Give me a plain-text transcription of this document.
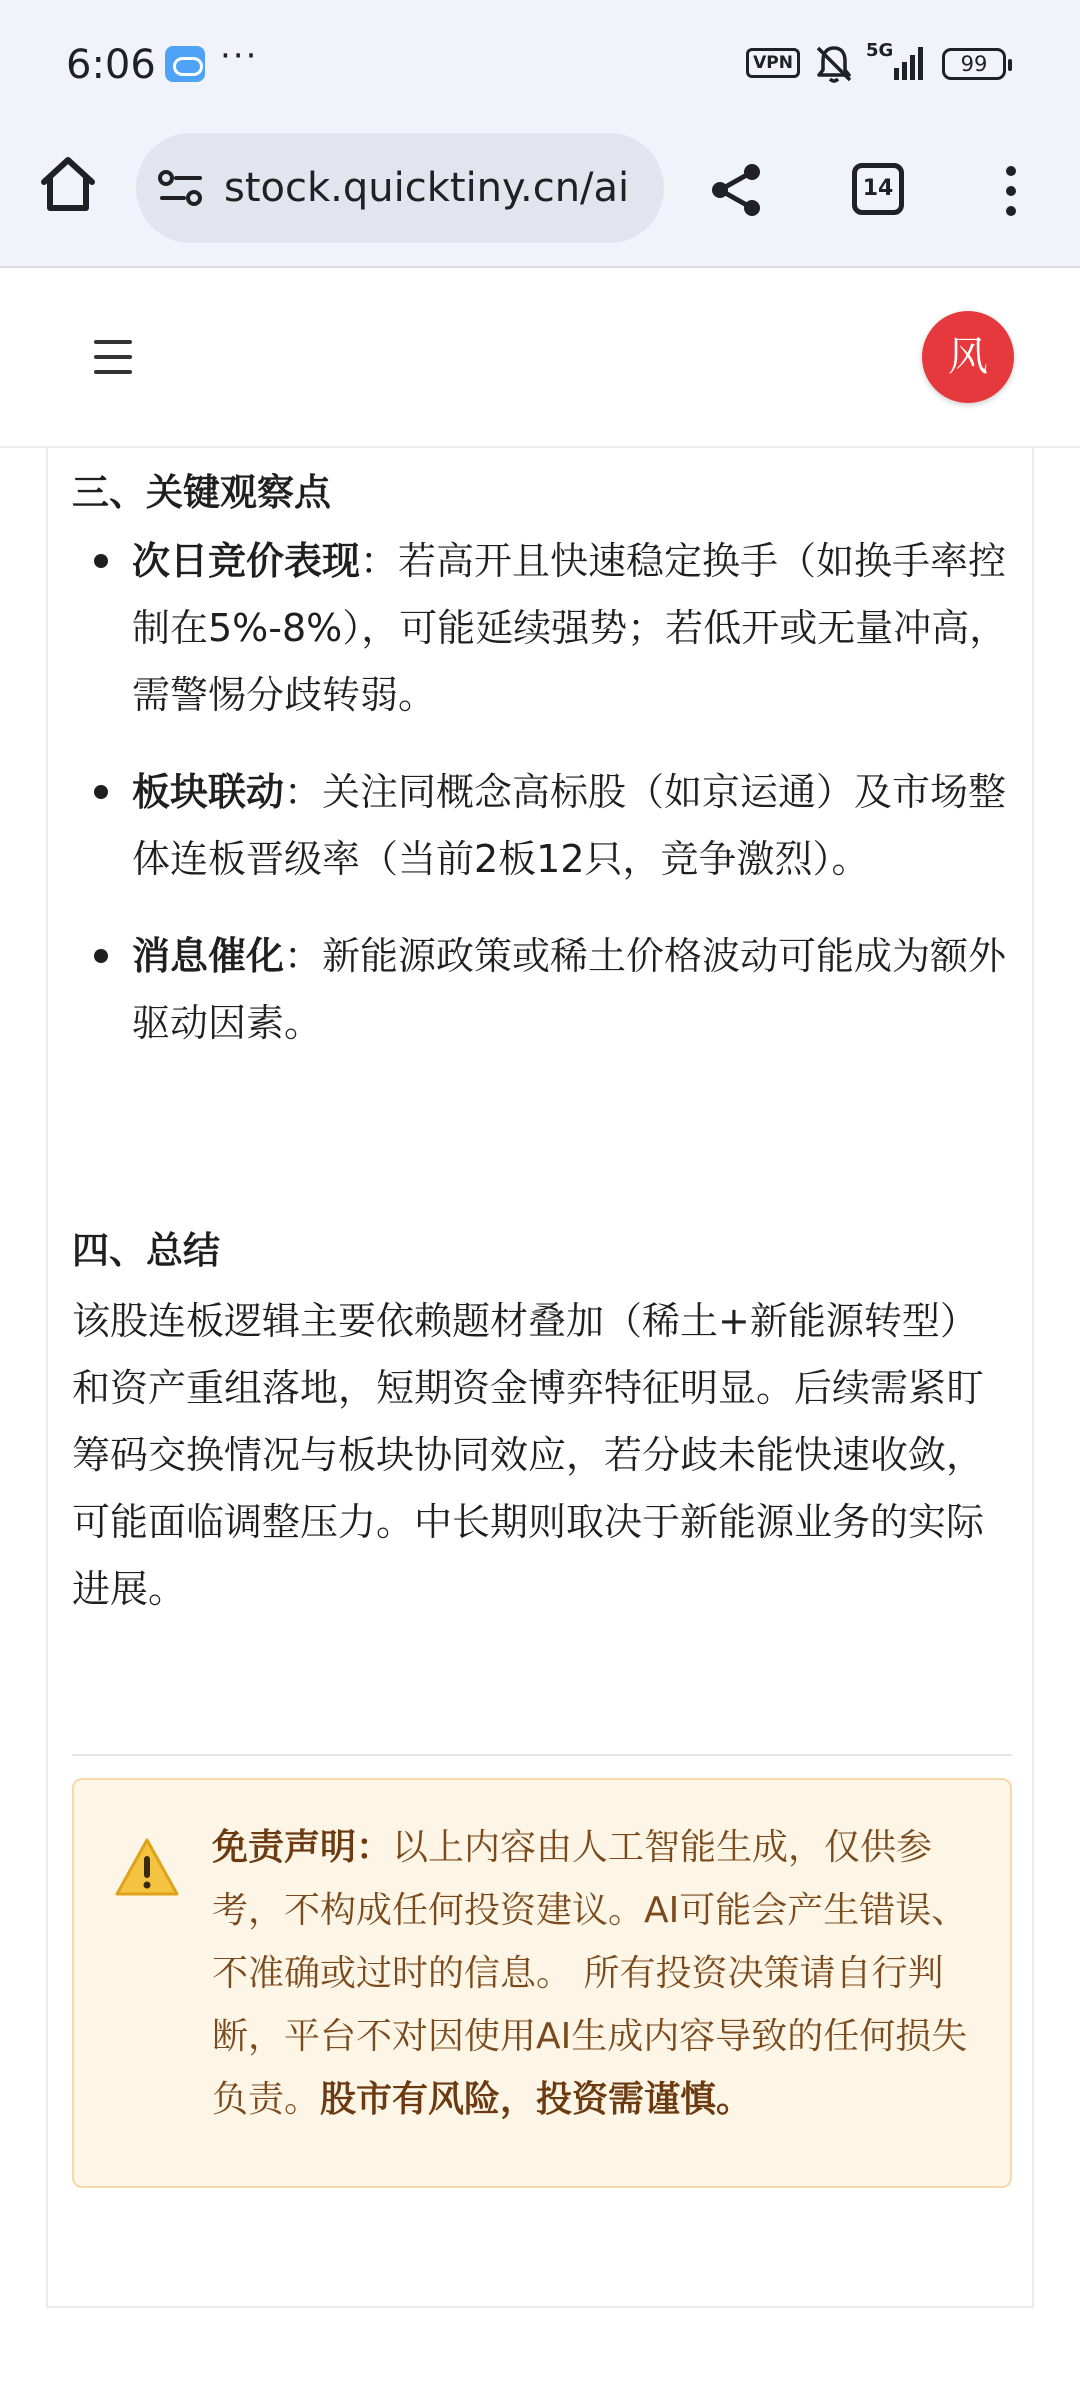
6:06 ···	VPN
5G
99
stock.quicktiny.cn/ai	14
风
三、关键观察点
次日竞价表现：若高开且快速稳定换手（如换手率控制在5%-8%），可能延续强势；若低开或无量冲高，需警惕分歧转弱。
板块联动：关注同概念高标股（如京运通）及市场整体连板晋级率（当前2板12只，竞争激烈）。
消息催化：新能源政策或稀土价格波动可能成为额外驱动因素。
四、总结
该股连板逻辑主要依赖题材叠加（稀土+新能源转型）和资产重组落地，短期资金博弈特征明显。后续需紧盯筹码交换情况与板块协同效应，若分歧未能快速收敛，可能面临调整压力。中长期则取决于新能源业务的实际进展。
免责声明：以上内容由人工智能生成，仅供参考，不构成任何投资建议。AI可能会产生错误、不准确或过时的信息。 所有投资决策请自行判断，平台不对因使用AI生成内容导致的任何损失负责。股市有风险，投资需谨慎。
